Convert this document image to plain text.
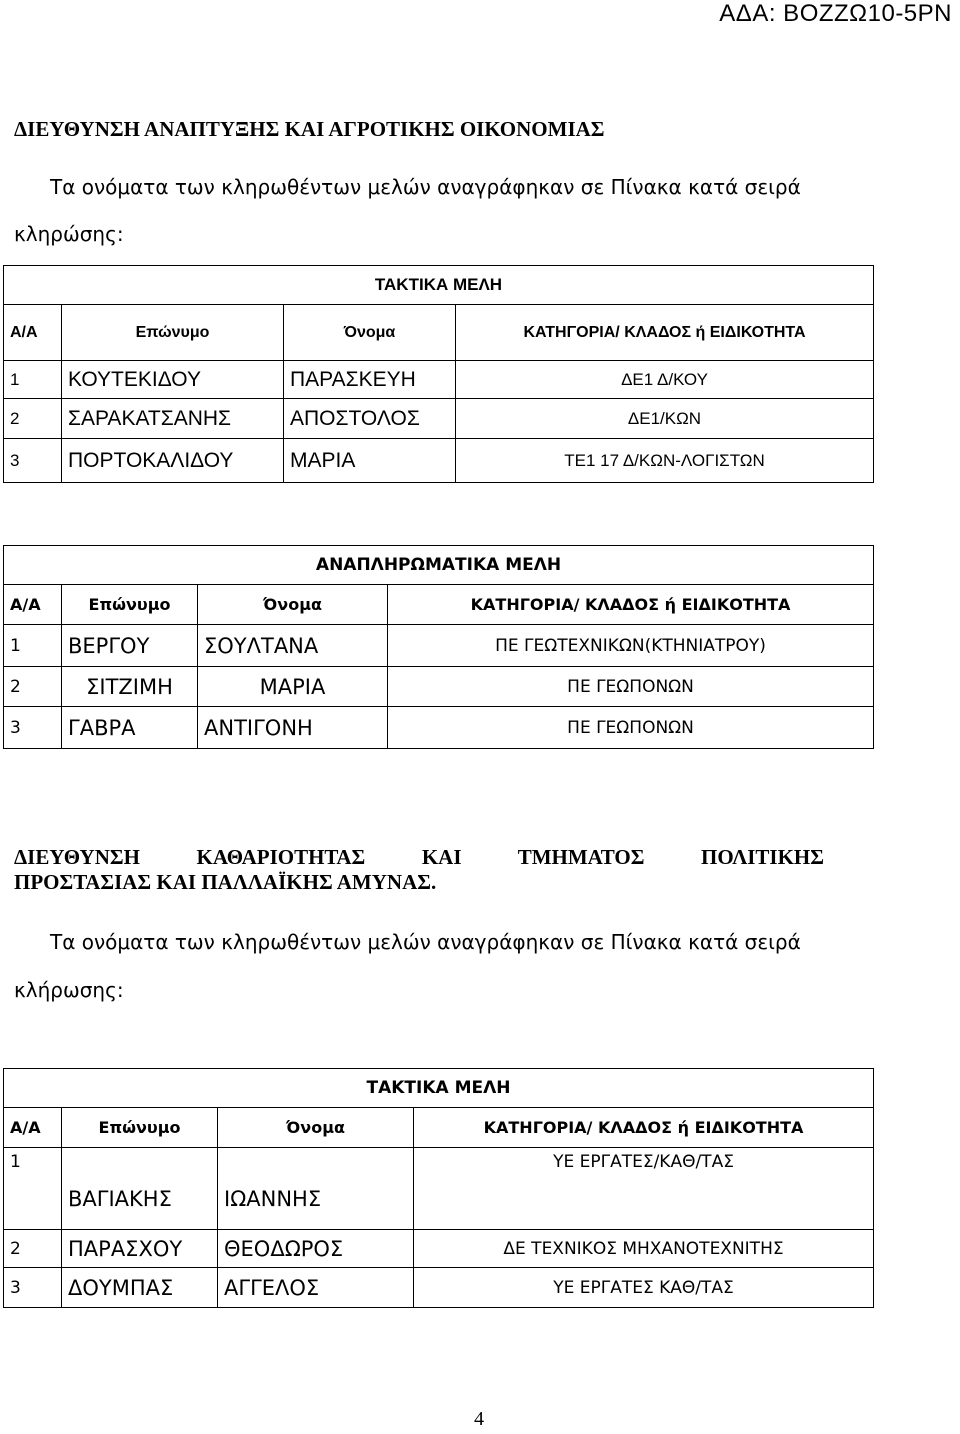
ΑΔΑ: ΒΟΖΖΩ10-5ΡΝ
ΔΙΕΥΘΥΝΣΗ ΑΝΑΠΤΥΞΗΣ ΚΑΙ ΑΓΡΟΤΙΚΗΣ ΟΙΚΟΝΟΜΙΑΣ
Τα ονόματα των κληρωθέντων μελών αναγράφηκαν σε Πίνακα κατά σειρά
κληρώσης:
ΤΑΚΤΙΚΑ ΜΕΛΗ			
Α/Α	Επώνυμο	Όνομα	ΚΑΤΗΓΟΡΙΑ/ ΚΛΑΔΟΣ ή ΕΙΔΙΚΟΤΗΤΑ
1	ΚΟΥΤΕΚΙΔΟΥ	ΠΑΡΑΣΚΕΥΗ	ΔΕ1 Δ/ΚΟΥ
2	ΣΑΡΑΚΑΤΣΑΝΗΣ	ΑΠΟΣΤΟΛΟΣ	ΔΕ1/ΚΩΝ
3	ΠΟΡΤΟΚΑΛΙΔΟΥ	ΜΑΡΙΑ	ΤΕ1 17 Δ/ΚΩΝ-ΛΟΓΙΣΤΩΝ
ΑΝΑΠΛΗΡΩΜΑΤΙΚΑ ΜΕΛΗ			
Α/Α	Επώνυμο	Όνομα	ΚΑΤΗΓΟΡΙΑ/ ΚΛΑΔΟΣ ή ΕΙΔΙΚΟΤΗΤΑ
1	ΒΕΡΓΟΥ	ΣΟΥΛΤΑΝΑ	ΠΕ ΓΕΩΤΕΧΝΙΚΩΝ(ΚΤΗΝΙΑΤΡΟΥ)
2	ΣΙΤΖΙΜΗ	ΜΑΡΙΑ	ΠΕ ΓΕΩΠΟΝΩΝ
3	ΓΑΒΡΑ	ΑΝΤΙΓΟΝΗ	ΠΕ ΓΕΩΠΟΝΩΝ
ΔΙΕΥΘΥΝΣΗ ΚΑΘΑΡΙΟΤΗΤΑΣ ΚΑΙ ΤΜΗΜΑΤΟΣ ΠΟΛΙΤΙΚΗΣ
ΠΡΟΣΤΑΣΙΑΣ ΚΑΙ ΠΑΛΛΑΪΚΗΣ ΑΜΥΝΑΣ.
Τα ονόματα των κληρωθέντων μελών αναγράφηκαν σε Πίνακα κατά σειρά
κλήρωσης:
ΤΑΚΤΙΚΑ ΜΕΛΗ			
Α/Α	Επώνυμο	Όνομα	ΚΑΤΗΓΟΡΙΑ/ ΚΛΑΔΟΣ ή ΕΙΔΙΚΟΤΗΤΑ
1	ΒΑΓΙΑΚΗΣ	ΙΩΑΝΝΗΣ	ΥΕ ΕΡΓΑΤΕΣ/ΚΑΘ/ΤΑΣ
2	ΠΑΡΑΣΧΟΥ	ΘΕΟΔΩΡΟΣ	ΔΕ ΤΕΧΝΙΚΟΣ ΜΗΧΑΝΟΤΕΧΝΙΤΗΣ
3	ΔΟΥΜΠΑΣ	ΑΓΓΕΛΟΣ	ΥΕ ΕΡΓΑΤΕΣ ΚΑΘ/ΤΑΣ
4
